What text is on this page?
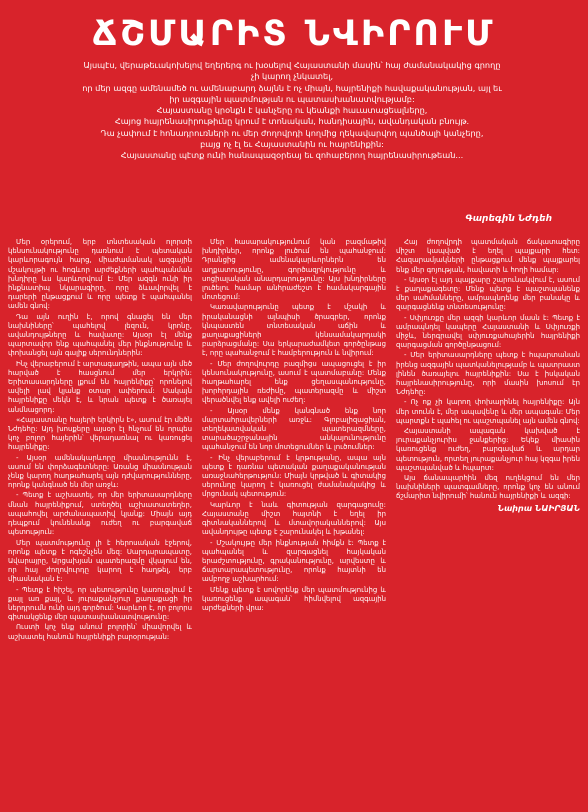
ՃՇՄԱՐԻՏ ՆՎԻՐՈՒՄ

Այսպէս, վերաթեւակոխելով եղերերգ ու խօսելով Հայաստանի մասին՝ հայ ժամանակակից գրողը չի կարող չնկատել,

որ մեր ազգը ամենամեծ ու ամենաբարդ ձայնն է ոչ միայն, հայրենիքի հավաքականության, այլ եւ իր ազգային պատմության ու պատասխանատվությամբ:

Հայաստանը կրօնքն է կանչերը ու կեանքի հաւատացեալները,

Հայոց հայրենասիրութիւնը կրում է տոնական, հանդիսային, ավանդական բնույթ.

Դա չափում է հոնադրուռների ու մեր ժողովրդի կողմից ղեկավարվող պանծալի կանչերը,

բայց ոչ էլ եւ Հայաստանին ու հայրենիքին:

Հայաստանը պէտք ունի հանապազօրեայ եւ զոհաբերող հայրենասիրութեան...

Գարեգին Նժդեհ

Մեր օրերում, երբ տնտեսական ոլորտի կենսունակությունը դառնում է պետական կարևորագույն հարց, միաժամանակ ազգային մշակույթի ու հոգևոր արժեքների պահպանման խնդիրը ևս կարևորվում է: Մեր ազգն ունի իր ինքնատիպ նկարագիրը, որը ձևավորվել է դարերի ընթացքում և որը պետք է պահպանել ամեն գնով:

Դա այն ուղին է, որով գնացել են մեր նախնիները՝ պահելով լեզուն, կրոնը, ավանդույթները և հավատը: Այսօր էլ մենք պարտավոր ենք պահպանել մեր ինքնությունը և փոխանցել այն գալիք սերունդներին:

Ինչ վերաբերում է արտագաղթին, ապա այն մեծ հարված է հասցնում մեր երկրին: Երիտասարդները լքում են հայրենիքը՝ որոնելով ավելի լավ կյանք օտար ափերում: Սակայն հայրենիքը մեկն է, և նրան պետք է ծառայել անմնացորդ:

«Հայաստանը հայերի երկիրն է», ասում էր մեծն Նժդեհը: Այդ խոսքերը այսօր էլ հնչում են որպես կոչ բոլոր հայերին՝ վերադառնալ ու կառուցել հայրենիքը:

- Այսօր ամենակարևորը միասնությունն է, ասում են փորձագետները: Առանց միասնության չենք կարող հաղթահարել այն դժվարությունները, որոնք կանգնած են մեր առջև:

- Պետք է աշխատել, որ մեր երիտասարդները մնան հայրենիքում, ստեղծել աշխատատեղեր, ապահովել արժանապատիվ կյանք: Միայն այդ դեպքում կունենանք ուժեղ ու բարգավաճ պետություն:

Մեր պատմությունը լի է հերոսական էջերով, որոնք պետք է ոգեշնչեն մեզ: Սարդարապատը, Ավարայրը, Արցախյան պատերազմը վկայում են, որ հայ ժողովուրդը կարող է հաղթել, երբ միասնական է:

- Պետք է հիշել, որ պետությունը կառուցվում է քայլ առ քայլ, և յուրաքանչյուր քաղաքացի իր ներդրումն ունի այդ գործում: Կարևոր է, որ բոլորս գիտակցենք մեր պատասխանատվությունը:

Ուստի կոչ ենք անում բոլորին՝ միավորվել և աշխատել հանուն հայրենիքի բարօրության:

Մեր հասարակությունում կան բազմաթիվ խնդիրներ, որոնք լուծում են պահանջում: Դրանցից ամենակարևորներն են աղքատությունը, գործազրկությունը և սոցիալական անարդարությունը: Այս խնդիրները լուծելու համար անհրաժեշտ է համակարգային մոտեցում:

Կառավարությունը պետք է մշակի և իրականացնի այնպիսի ծրագրեր, որոնք կնպաստեն տնտեսական աճին և քաղաքացիների կենսամակարդակի բարձրացմանը: Սա երկարաժամկետ գործընթաց է, որը պահանջում է համբերություն և նվիրում:

- Մեր ժողովուրդը բազմիցս ապացուցել է իր կենսունակությունը, ասում է պատմաբանը: Մենք հաղթահարել ենք ցեղասպանությունը, խորհրդային ռեժիմը, պատերազմը և միշտ վերածնվել ենք ավելի ուժեղ:

- Այսօր մենք կանգնած ենք նոր մարտահրավերների առջև: Գլոբալիզացիան, տեղեկատվական պատերազմները, տարածաշրջանային անկայունությունը պահանջում են նոր մոտեցումներ և լուծումներ:

- Ինչ վերաբերում է կրթությանը, ապա այն պետք է դառնա պետական քաղաքականության առաջնահերթություն: Միայն կրթված և գիտակից սերունդը կարող է կառուցել ժամանակակից և մրցունակ պետություն:

Կարևոր է նաև գիտության զարգացումը: Հայաստանը միշտ հայտնի է եղել իր գիտնականներով և մտավորականներով: Այս ավանդույթը պետք է շարունակել և խթանել:

- Մշակույթը մեր ինքնության հիմքն է: Պետք է պահպանել և զարգացնել հայկական երաժշտությունը, գրականությունը, արվեստը և ճարտարապետությունը, որոնք հայտնի են ամբողջ աշխարհում:

Մենք պետք է սովորենք մեր պատմությունից և կառուցենք ապագան՝ հիմնվելով ազգային արժեքների վրա:

Հայ ժողովրդի պատմական ճակատագիրը միշտ կապված է եղել պայքարի հետ: Հազարամյակների ընթացքում մենք պայքարել ենք մեր գոյության, հավատի և հողի համար:

- Այսօր էլ այդ պայքարը շարունակվում է, ասում է քաղաքագետը: Մենք պետք է պաշտպանենք մեր սահմանները, ամրապնդենք մեր բանակը և զարգացնենք տնտեսությունը:

- Սփյուռքը մեր ազգի կարևոր մասն է: Պետք է ամրապնդել կապերը Հայաստանի և Սփյուռքի միջև, ներգրավել սփյուռքահայերին հայրենիքի զարգացման գործընթացում:

- Մեր երիտասարդները պետք է հպարտանան իրենց ազգային պատկանելությամբ և պատրաստ լինեն ծառայելու հայրենիքին: Սա է իսկական հայրենասիրությունը, որի մասին խոսում էր Նժդեհը:

- Ոչ ոք չի կարող փոխարինել հայրենիքը: Այն մեր տունն է, մեր ապավենը և մեր ապագան: Մեր պարտքն է պահել ու պաշտպանել այն ամեն գնով:

Հայաստանի ապագան կախված է յուրաքանչյուրիս ջանքերից: Եկեք միասին կառուցենք ուժեղ, բարգավաճ և արդար պետություն, որտեղ յուրաքանչյուր հայ կզգա իրեն պաշտպանված և հպարտ:

Այս ճանապարհին մեզ ուղեկցում են մեր նախնիների պատգամները, որոնք կոչ են անում ճշմարիտ նվիրումի՝ հանուն հայրենիքի և ազգի:

Նաիրա ՆԱԻՐՅԱՆ
